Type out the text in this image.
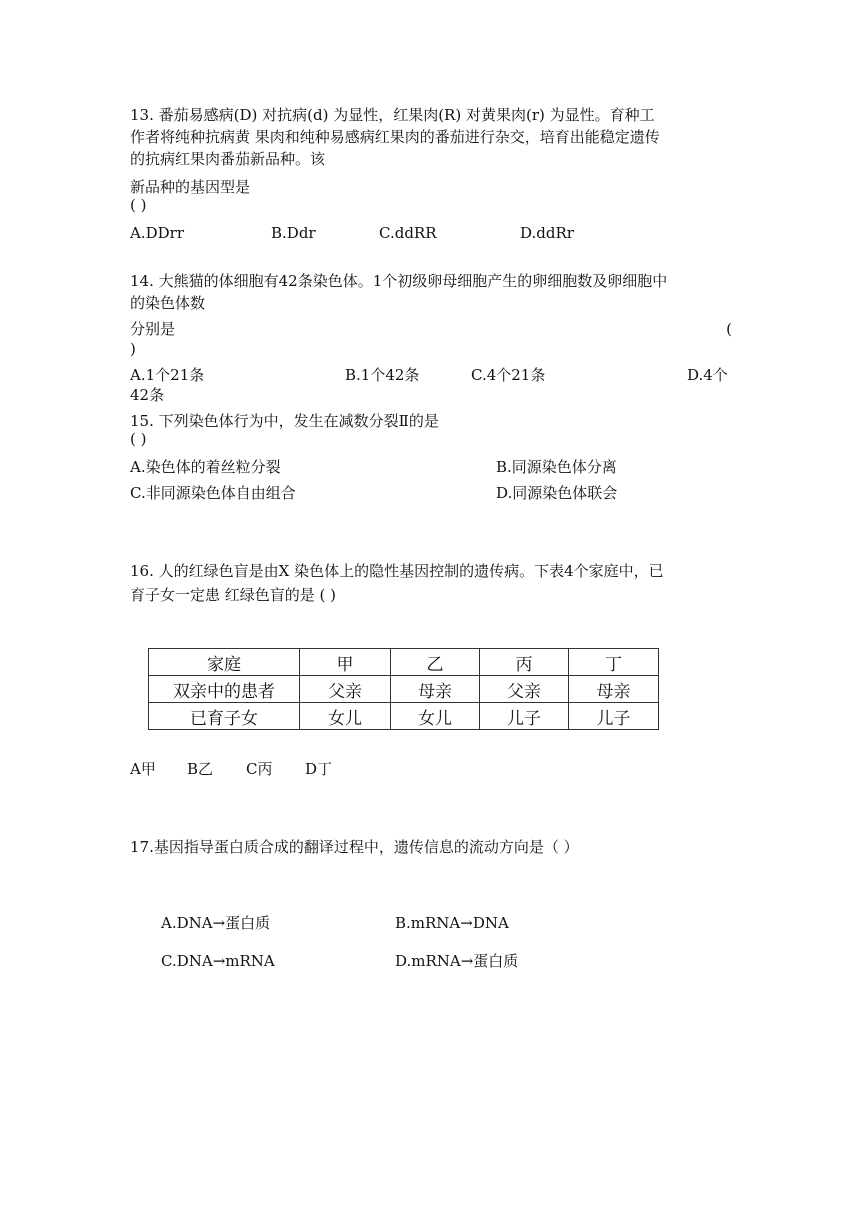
13. 番茄易感病(D) 对抗病(d) 为显性，红果肉(R) 对黄果肉(r) 为显性。育种工
作者将纯种抗病黄 果肉和纯种易感病红果肉的番茄进行杂交，培育出能稳定遗传
的抗病红果肉番茄新品种。该
新品种的基因型是
( )
A.DDrr	B.Ddr	C.ddRR	D.ddRr
14. 大熊猫的体细胞有42条染色体。1个初级卵母细胞产生的卵细胞数及卵细胞中
的染色体数
分别是	(
)
A.1个21条	B.1个42条	C.4个21条	D.4个
42条
15. 下列染色体行为中，发生在减数分裂Ⅱ的是
( )
A.染色体的着丝粒分裂	B.同源染色体分离
C.非同源染色体自由组合	D.同源染色体联会
16. 人的红绿色盲是由X 染色体上的隐性基因控制的遗传病。下表4个家庭中，已
育子女一定患 红绿色盲的是 ( )
家庭	甲	乙	丙	丁
双亲中的患者	父亲	母亲	父亲	母亲
已育子女	女儿	女儿	儿子	儿子
A甲 B乙 C丙 D丁
17.基因指导蛋白质合成的翻译过程中，遗传信息的流动方向是（ ）
A.DNA→蛋白质	B.mRNA→DNA
C.DNA→mRNA	D.mRNA→蛋白质
